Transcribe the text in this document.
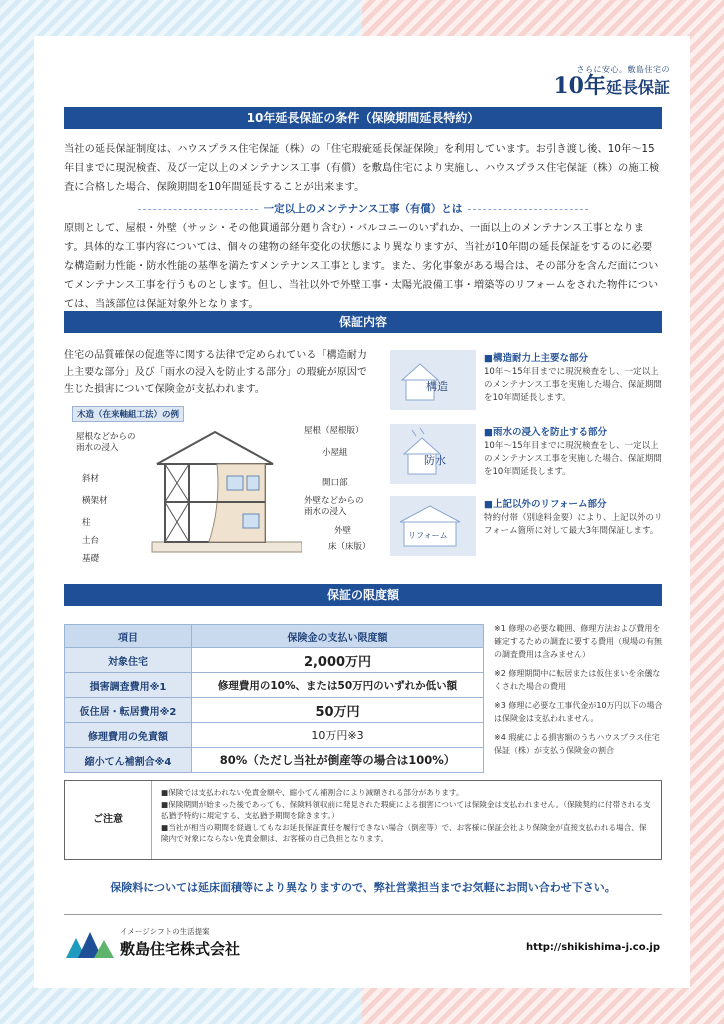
さらに安心。敷島住宅の
10年延長保証
10年延長保証の条件（保険期間延長特約）
当社の延長保証制度は、ハウスプラス住宅保証（株）の「住宅瑕疵延長保証保険」を利用しています。お引き渡し後、10年～15年目までに現況検査、及び一定以上のメンテナンス工事（有償）を敷島住宅により実施し、ハウスプラス住宅保証（株）の施工検査に合格した場合、保険期間を10年間延長することが出来ます。
一定以上のメンテナンス工事（有償）とは
原則として、屋根・外壁（サッシ・その他貫通部分廻り含む）・バルコニーのいずれか、一面以上のメンテナンス工事となります。具体的な工事内容については、個々の建物の経年変化の状態により異なりますが、当社が10年間の延長保証をするのに必要な構造耐力性能・防水性能の基準を満たすメンテナンス工事とします。また、劣化事象がある場合は、その部分を含んだ面についてメンテナンス工事を行うものとします。但し、当社以外で外壁工事・太陽光設備工事・増築等のリフォームをされた物件については、当該部位は保証対象外となります。
保証内容
住宅の品質確保の促進等に関する法律で定められている「構造耐力上主要な部分」及び「雨水の浸入を防止する部分」の瑕疵が原因で生じた損害について保険金が支払われます。
木造（在来軸組工法）の例
屋根などからの
雨水の浸入
斜材
横架材
柱
土台
基礎
屋根（屋根版）
小屋組
開口部
外壁などからの
雨水の浸入
外壁
床（床版）
構造
■構造耐力上主要な部分
10年～15年目までに現況検査をし、一定以上のメンテナンス工事を実施した場合、保証期間を10年間延長します。
防水
■雨水の浸入を防止する部分
10年～15年目までに現況検査をし、一定以上のメンテナンス工事を実施した場合、保証期間を10年間延長します。
リフォーム
■上記以外のリフォーム部分
特約付帯（別途料金要）により、上記以外のリフォーム箇所に対して最大3年間保証します。
保証の限度額
項目	保険金の支払い限度額
対象住宅	2,000万円
損害調査費用※1	修理費用の10%、または50万円のいずれか低い額
仮住居・転居費用※2	50万円
修理費用の免責額	10万円※3
縮小てん補割合※4	80%（ただし当社が倒産等の場合は100%）
※1 修理の必要な範囲、修理方法および費用を確定するための調査に要する費用（現場の有無の調査費用は含みません）
※2 修理期間中に転居または仮住まいを余儀なくされた場合の費用
※3 修理に必要な工事代金が10万円以下の場合は保険金は支払われません。
※4 瑕疵による損害額のうちハウスプラス住宅保証（株）が支払う保険金の割合
ご注意
■保険では支払われない免責金額や、縮小てん補割合により減額される部分があります。
■保険期間が始まった後であっても、保険料領収前に発見された瑕疵による損害については保険金は支払われません。（保険契約に付帯される支払猶予特約に規定する、支払猶予期間を除きます。）
■当社が相当の期間を経過してもなお延長保証責任を履行できない場合（倒産等）で、お客様に保証会社より保険金が直接支払われる場合、保険内で対象にならない免責金額は、お客様の自己負担となります。
保険料については延床面積等により異なりますので、弊社営業担当までお気軽にお問い合わせ下さい。
イメージシフトの生活提案
敷島住宅株式会社	http://shikishima-j.co.jp
